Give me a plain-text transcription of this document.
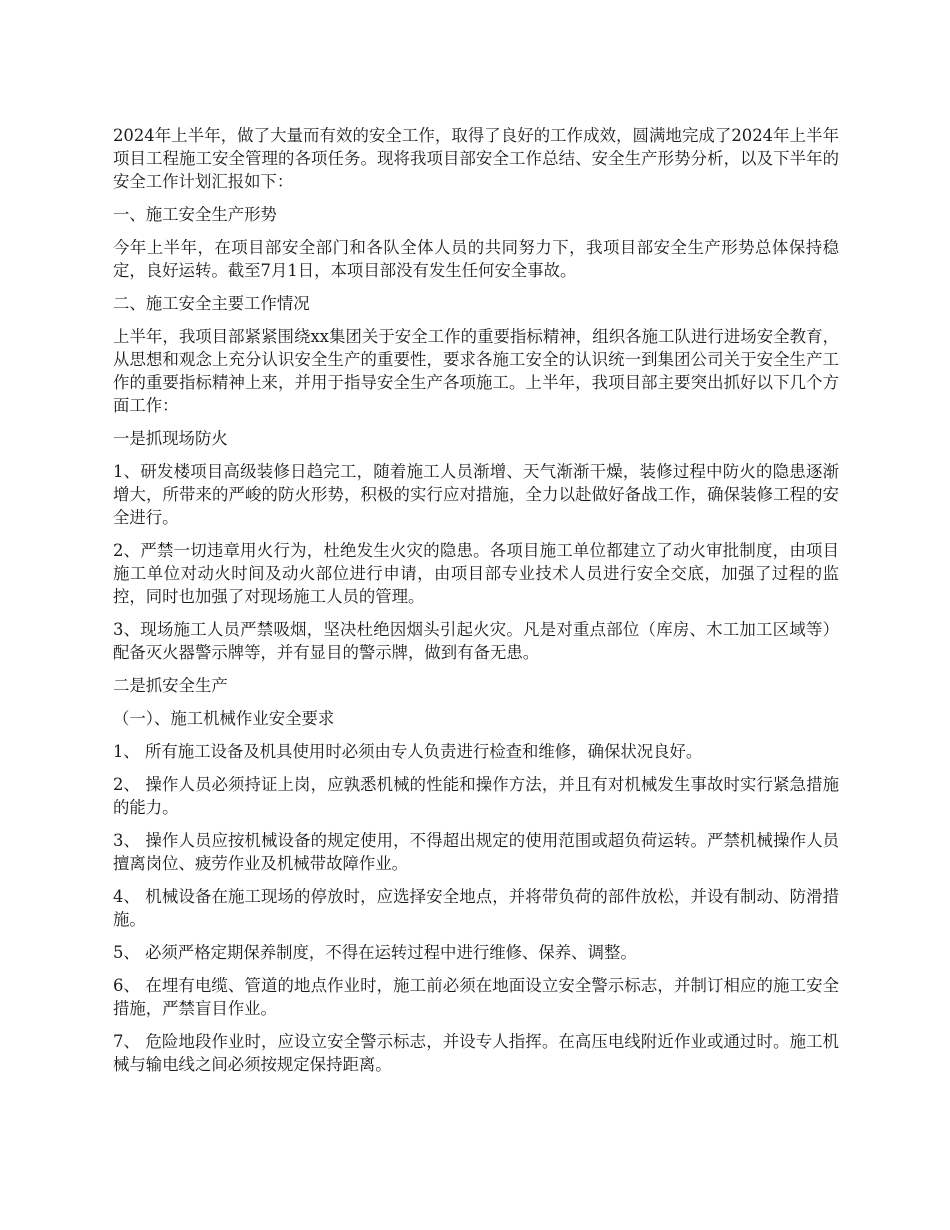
2024年上半年，做了大量而有效的安全工作，取得了良好的工作成效，圆满地完成了2024年上半年项目工程施工安全管理的各项任务。现将我项目部安全工作总结、安全生产形势分析，以及下半年的安全工作计划汇报如下：

一、施工安全生产形势

今年上半年，在项目部安全部门和各队全体人员的共同努力下，我项目部安全生产形势总体保持稳定，良好运转。截至7月1日，本项目部没有发生任何安全事故。

二、施工安全主要工作情况

上半年，我项目部紧紧围绕xx集团关于安全工作的重要指标精神，组织各施工队进行进场安全教育，从思想和观念上充分认识安全生产的重要性，要求各施工安全的认识统一到集团公司关于安全生产工作的重要指标精神上来，并用于指导安全生产各项施工。上半年，我项目部主要突出抓好以下几个方面工作：

一是抓现场防火

1、研发楼项目高级装修日趋完工，随着施工人员渐增、天气渐渐干燥，装修过程中防火的隐患逐渐增大，所带来的严峻的防火形势，积极的实行应对措施，全力以赴做好备战工作，确保装修工程的安全进行。

2、严禁一切违章用火行为，杜绝发生火灾的隐患。各项目施工单位都建立了动火审批制度，由项目施工单位对动火时间及动火部位进行申请，由项目部专业技术人员进行安全交底，加强了过程的监控，同时也加强了对现场施工人员的管理。

3、现场施工人员严禁吸烟，坚决杜绝因烟头引起火灾。凡是对重点部位（库房、木工加工区域等）配备灭火器警示牌等，并有显目的警示牌，做到有备无患。

二是抓安全生产

（一）、施工机械作业安全要求

1、 所有施工设备及机具使用时必须由专人负责进行检查和维修，确保状况良好。

2、 操作人员必须持证上岗，应孰悉机械的性能和操作方法，并且有对机械发生事故时实行紧急措施的能力。

3、 操作人员应按机械设备的规定使用，不得超出规定的使用范围或超负荷运转。严禁机械操作人员擅离岗位、疲劳作业及机械带故障作业。

4、 机械设备在施工现场的停放时，应选择安全地点，并将带负荷的部件放松，并设有制动、防滑措施。

5、 必须严格定期保养制度，不得在运转过程中进行维修、保养、调整。

6、 在埋有电缆、管道的地点作业时，施工前必须在地面设立安全警示标志，并制订相应的施工安全措施，严禁盲目作业。

7、 危险地段作业时，应设立安全警示标志，并设专人指挥。在高压电线附近作业或通过时。施工机械与输电线之间必须按规定保持距离。
